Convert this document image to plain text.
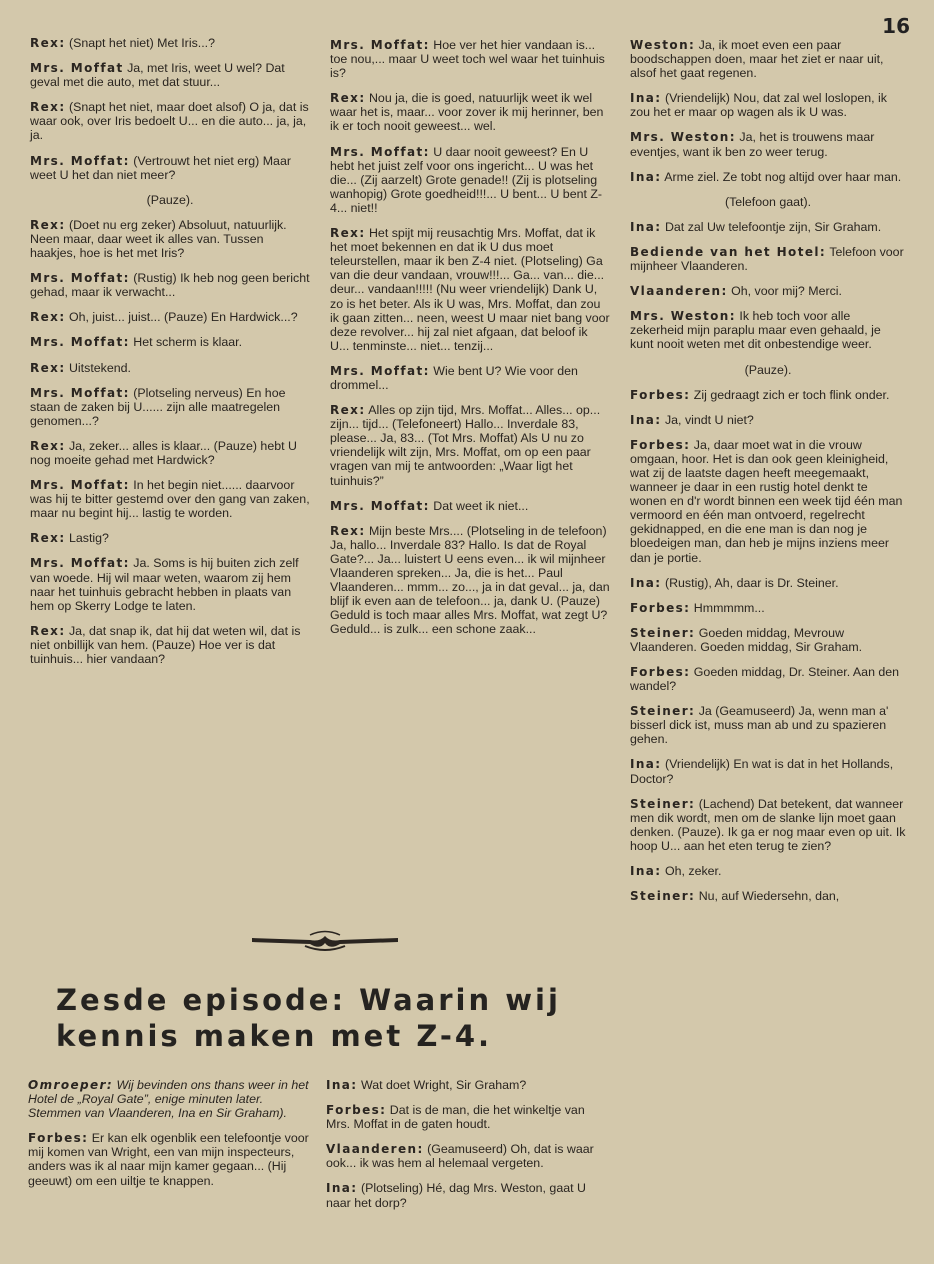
16
Rex: (Snapt het niet) Met Iris...?
Mrs. Moffat Ja, met Iris, weet U wel? Dat geval met die auto, met dat stuur...
Rex: (Snapt het niet, maar doet alsof) O ja, dat is waar ook, over Iris bedoelt U... en die auto... ja, ja, ja.
Mrs. Moffat: (Vertrouwt het niet erg) Maar weet U het dan niet meer?
(Pauze).
Rex: (Doet nu erg zeker) Absoluut, natuurlijk. Neen maar, daar weet ik alles van. Tussen haakjes, hoe is het met Iris?
Mrs. Moffat: (Rustig) Ik heb nog geen bericht gehad, maar ik verwacht...
Rex: Oh, juist... juist... (Pauze) En Hardwick...?
Mrs. Moffat: Het scherm is klaar.
Rex: Uitstekend.
Mrs. Moffat: (Plotseling nerveus) En hoe staan de zaken bij U...... zijn alle maatregelen genomen...?
Rex: Ja, zeker... alles is klaar... (Pauze) hebt U nog moeite gehad met Hardwick?
Mrs. Moffat: In het begin niet...... daarvoor was hij te bitter gestemd over den gang van zaken, maar nu begint hij... lastig te worden.
Rex: Lastig?
Mrs. Moffat: Ja. Soms is hij buiten zich zelf van woede. Hij wil maar weten, waarom zij hem naar het tuinhuis gebracht hebben in plaats van hem op Skerry Lodge te laten.
Rex: Ja, dat snap ik, dat hij dat weten wil, dat is niet onbillijk van hem. (Pauze) Hoe ver is dat tuinhuis... hier vandaan?
Mrs. Moffat: Hoe ver het hier vandaan is... toe nou,... maar U weet toch wel waar het tuinhuis is?
Rex: Nou ja, die is goed, natuurlijk weet ik wel waar het is, maar... voor zover ik mij herinner, ben ik er toch nooit geweest... wel.
Mrs. Moffat: U daar nooit geweest? En U hebt het juist zelf voor ons ingericht... U was het die... (Zij aarzelt) Grote genade!! (Zij is plotseling wanhopig) Grote goedheid!!!... U bent... U bent Z-4... niet!!
Rex: Het spijt mij reusachtig Mrs. Moffat, dat ik het moet bekennen en dat ik U dus moet teleurstellen, maar ik ben Z-4 niet. (Plotseling) Ga van die deur vandaan, vrouw!!!... Ga... van... die... deur... vandaan!!!!! (Nu weer vriendelijk) Dank U, zo is het beter. Als ik U was, Mrs. Moffat, dan zou ik gaan zitten... neen, weest U maar niet bang voor deze revolver... hij zal niet afgaan, dat beloof ik U... tenminste... niet... tenzij...
Mrs. Moffat: Wie bent U? Wie voor den drommel...
Rex: Alles op zijn tijd, Mrs. Moffat... Alles... op... zijn... tijd... (Telefoneert) Hallo... Inverdale 83, please... Ja, 83... (Tot Mrs. Moffat) Als U nu zo vriendelijk wilt zijn, Mrs. Moffat, om op een paar vragen van mij te antwoorden: „Waar ligt het tuinhuis?”
Mrs. Moffat: Dat weet ik niet...
Rex: Mijn beste Mrs.... (Plotseling in de telefoon) Ja, hallo... Inverdale 83? Hallo. Is dat de Royal Gate?... Ja... luistert U eens even... ik wil mijnheer Vlaanderen spreken... Ja, die is het... Paul Vlaanderen... mmm... zo..., ja in dat geval... ja, dan blijf ik even aan de telefoon... ja, dank U. (Pauze) Geduld is toch maar alles Mrs. Moffat, wat zegt U? Geduld... is zulk... een schone zaak...
Weston: Ja, ik moet even een paar boodschappen doen, maar het ziet er naar uit, alsof het gaat regenen.
Ina: (Vriendelijk) Nou, dat zal wel loslopen, ik zou het er maar op wagen als ik U was.
Mrs. Weston: Ja, het is trouwens maar eventjes, want ik ben zo weer terug.
Ina: Arme ziel. Ze tobt nog altijd over haar man.
(Telefoon gaat).
Ina: Dat zal Uw telefoontje zijn, Sir Graham.
Bediende van het Hotel: Telefoon voor mijnheer Vlaanderen.
Vlaanderen: Oh, voor mij? Merci.
Mrs. Weston: Ik heb toch voor alle zekerheid mijn paraplu maar even gehaald, je kunt nooit weten met dit onbestendige weer.
(Pauze).
Forbes: Zij gedraagt zich er toch flink onder.
Ina: Ja, vindt U niet?
Forbes: Ja, daar moet wat in die vrouw omgaan, hoor. Het is dan ook geen kleinigheid, wat zij de laatste dagen heeft meegemaakt, wanneer je daar in een rustig hotel denkt te wonen en d'r wordt binnen een week tijd één man vermoord en één man ontvoerd, regelrecht gekidnapped, en die ene man is dan nog je bloedeigen man, dan heb je mijns inziens meer dan je portie.
Ina: (Rustig), Ah, daar is Dr. Steiner.
Forbes: Hmmmmm...
Steiner: Goeden middag, Mevrouw Vlaanderen. Goeden middag, Sir Graham.
Forbes: Goeden middag, Dr. Steiner. Aan den wandel?
Steiner: Ja (Geamuseerd) Ja, wenn man a' bisserl dick ist, muss man ab und zu spazieren gehen.
Ina: (Vriendelijk) En wat is dat in het Hollands, Doctor?
Steiner: (Lachend) Dat betekent, dat wanneer men dik wordt, men om de slanke lijn moet gaan denken. (Pauze). Ik ga er nog maar even op uit. Ik hoop U... aan het eten terug te zien?
Ina: Oh, zeker.
Steiner: Nu, auf Wiedersehn, dan,
Zesde episode: Waarin wij kennis maken met Z-4.
Omroeper: Wij bevinden ons thans weer in het Hotel de „Royal Gate”, enige minuten later. Stemmen van Vlaanderen, Ina en Sir Graham).
Forbes: Er kan elk ogenblik een telefoontje voor mij komen van Wright, een van mijn inspecteurs, anders was ik al naar mijn kamer gegaan... (Hij geeuwt) om een uiltje te knappen.
Ina: Wat doet Wright, Sir Graham?
Forbes: Dat is de man, die het winkeltje van Mrs. Moffat in de gaten houdt.
Vlaanderen: (Geamuseerd) Oh, dat is waar ook... ik was hem al helemaal vergeten.
Ina: (Plotseling) Hé, dag Mrs. Weston, gaat U naar het dorp?
